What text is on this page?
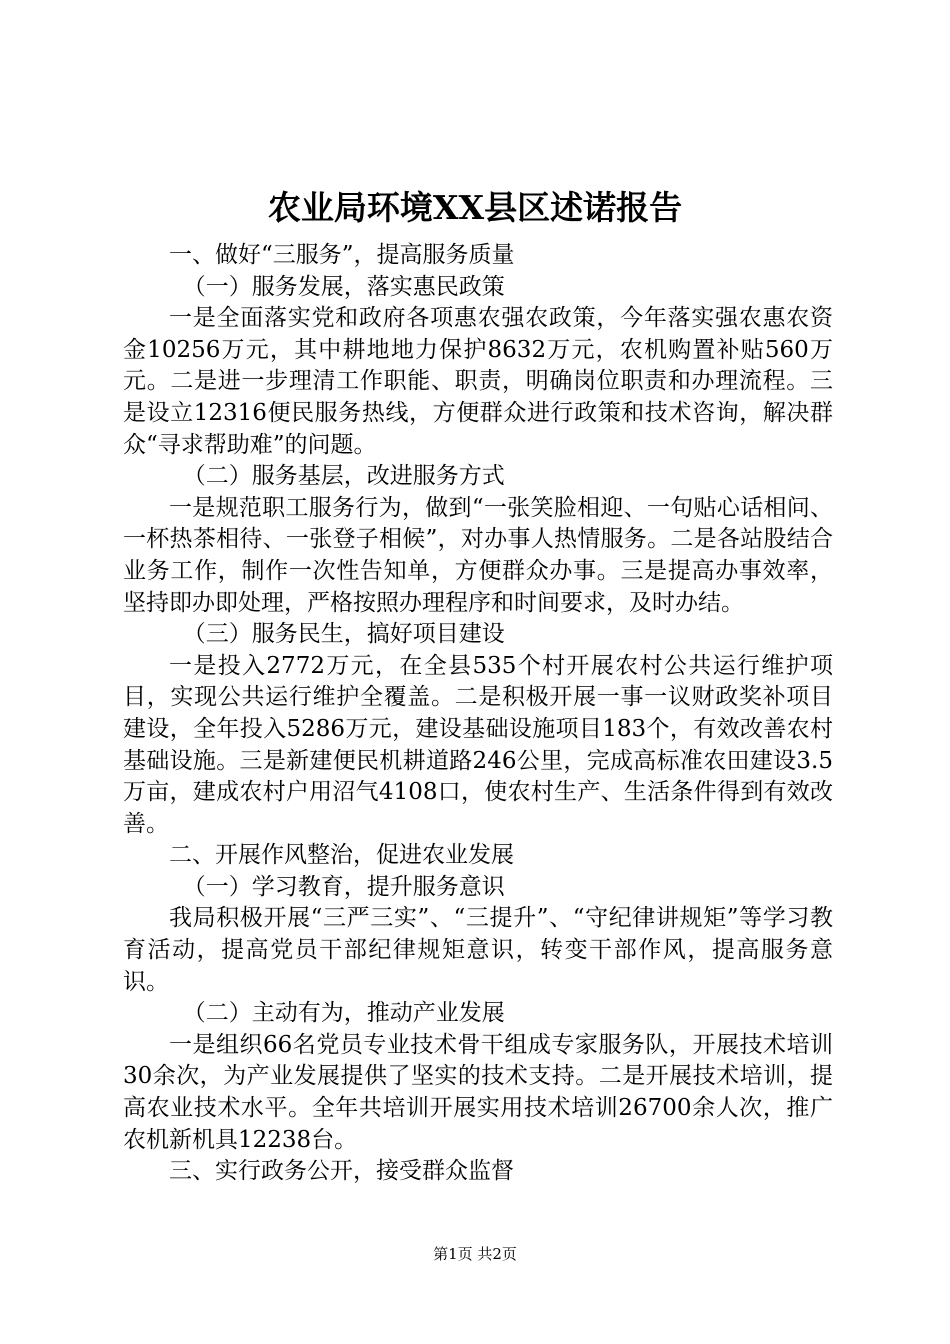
农业局环境XX县区述诺报告

一、做好“三服务”，提高服务质量

（一）服务发展，落实惠民政策

一是全面落实党和政府各项惠农强农政策，今年落实强农惠农资金10256万元，其中耕地地力保护8632万元，农机购置补贴560万元。二是进一步理清工作职能、职责，明确岗位职责和办理流程。三是设立12316便民服务热线，方便群众进行政策和技术咨询，解决群众“寻求帮助难”的问题。

（二）服务基层，改进服务方式

一是规范职工服务行为，做到“一张笑脸相迎、一句贴心话相问、一杯热茶相待、一张登子相候”，对办事人热情服务。二是各站股结合业务工作，制作一次性告知单，方便群众办事。三是提高办事效率，坚持即办即处理，严格按照办理程序和时间要求，及时办结。

（三）服务民生，搞好项目建设

一是投入2772万元，在全县535个村开展农村公共运行维护项目，实现公共运行维护全覆盖。二是积极开展一事一议财政奖补项目建设，全年投入5286万元，建设基础设施项目183个，有效改善农村基础设施。三是新建便民机耕道路246公里，完成高标准农田建设3.5万亩，建成农村户用沼气4108口，使农村生产、生活条件得到有效改善。

二、开展作风整治，促进农业发展

（一）学习教育，提升服务意识

我局积极开展“三严三实”、“三提升”、“守纪律讲规矩”等学习教育活动，提高党员干部纪律规矩意识，转变干部作风，提高服务意识。

（二）主动有为，推动产业发展

一是组织66名党员专业技术骨干组成专家服务队，开展技术培训30余次，为产业发展提供了坚实的技术支持。二是开展技术培训，提高农业技术水平。全年共培训开展实用技术培训26700余人次，推广农机新机具12238台。

三、实行政务公开，接受群众监督

第1页 共2页
